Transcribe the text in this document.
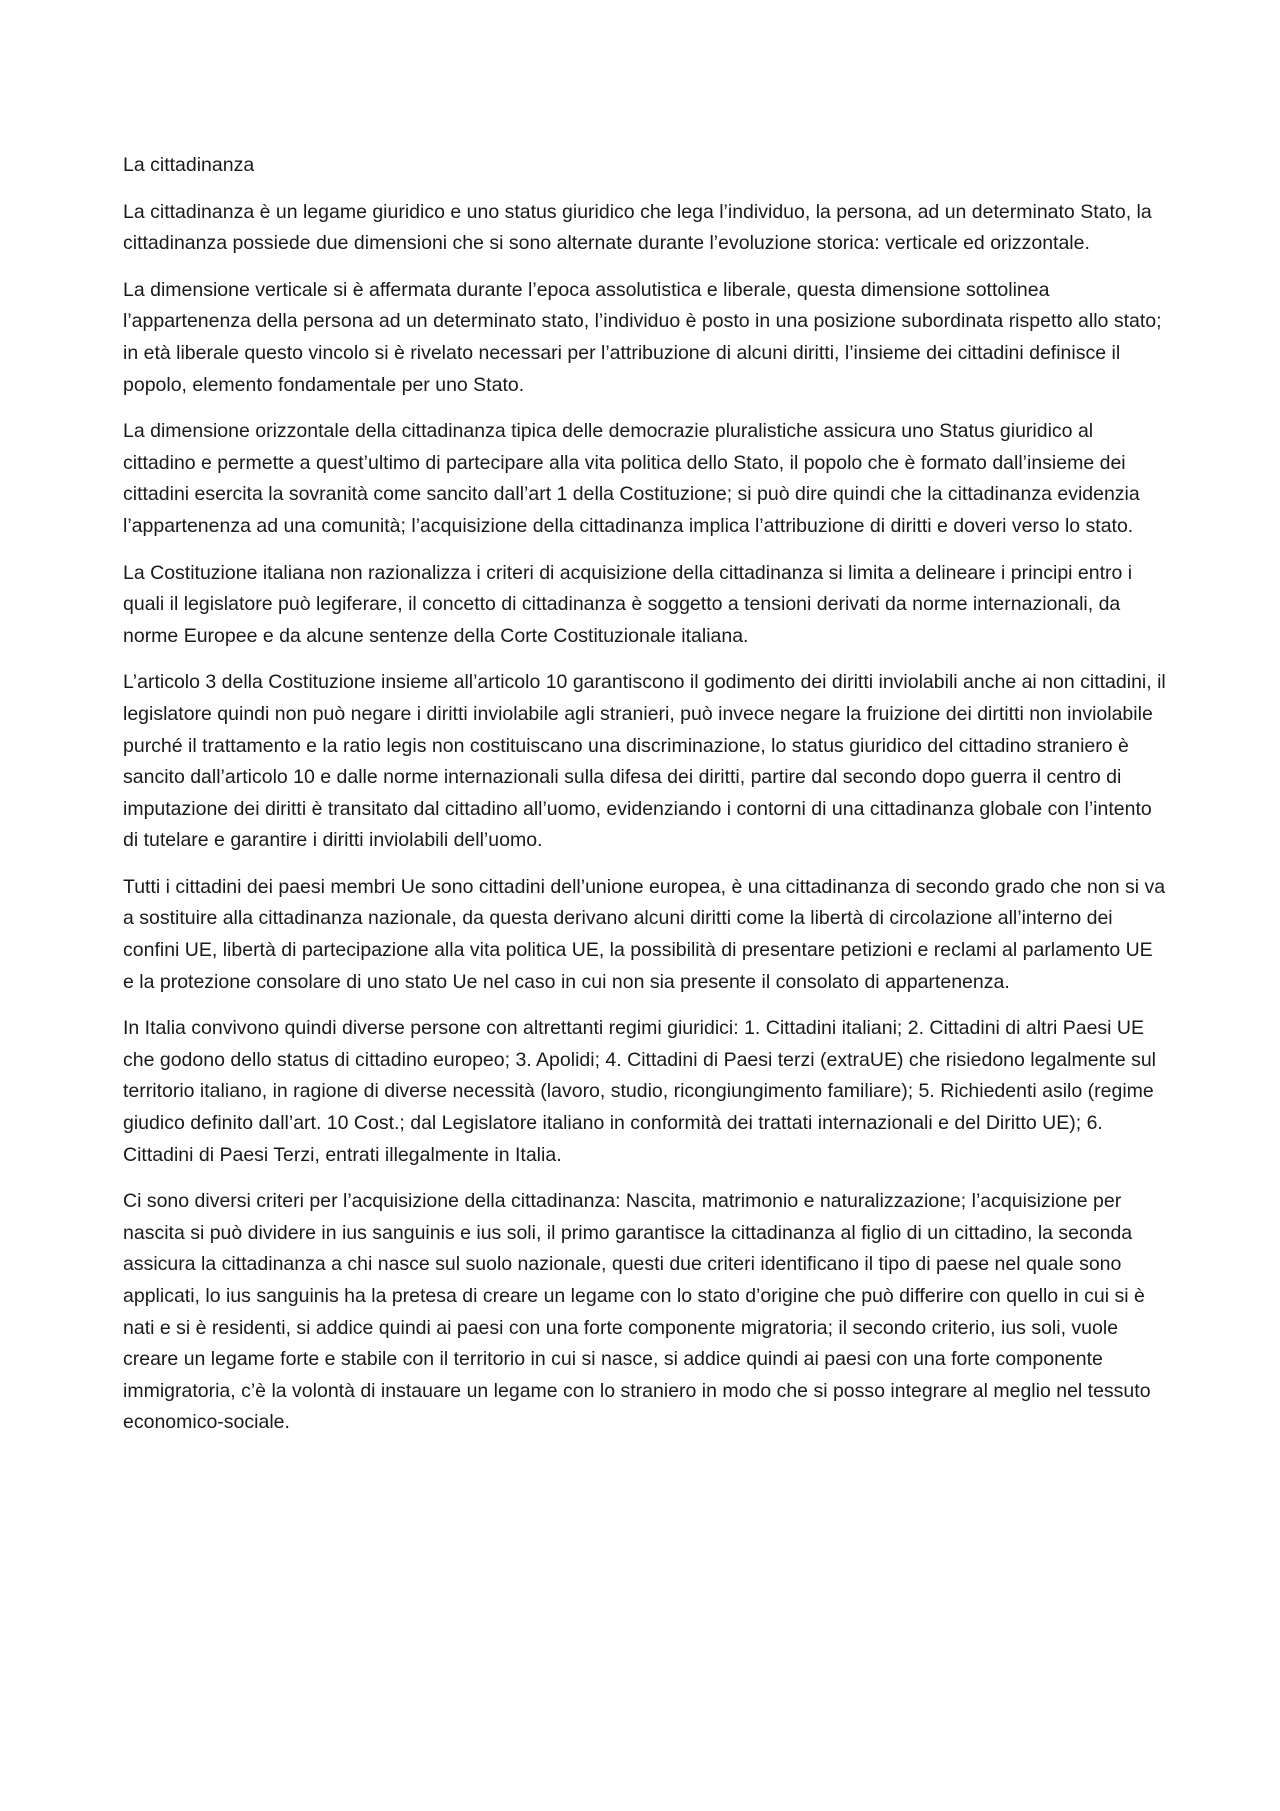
La cittadinanza

La cittadinanza è un legame giuridico e uno status giuridico che lega l’individuo, la persona, ad un determinato Stato, la cittadinanza possiede due dimensioni che si sono alternate durante l’evoluzione storica: verticale ed orizzontale.

La dimensione verticale si è affermata durante l’epoca assolutistica e liberale, questa dimensione sottolinea l’appartenenza della persona ad un determinato stato, l’individuo è posto in una posizione subordinata rispetto allo stato; in età liberale questo vincolo si è rivelato necessari per l’attribuzione di alcuni diritti, l’insieme dei cittadini definisce il popolo, elemento fondamentale per uno Stato.

La dimensione orizzontale della cittadinanza tipica delle democrazie pluralistiche assicura uno Status giuridico al cittadino e permette a quest’ultimo di partecipare alla vita politica dello Stato, il popolo che è formato dall’insieme dei cittadini esercita la sovranità come sancito dall’art 1 della Costituzione; si può dire quindi che la cittadinanza evidenzia l’appartenenza ad una comunità; l’acquisizione della cittadinanza implica l’attribuzione di diritti e doveri verso lo stato.

La Costituzione italiana non razionalizza i criteri di acquisizione della cittadinanza si limita a delineare i principi entro i quali il legislatore può legiferare, il concetto di cittadinanza è soggetto a tensioni derivati da norme internazionali, da norme Europee e da alcune sentenze della Corte Costituzionale italiana.

L’articolo 3 della Costituzione insieme all’articolo 10 garantiscono il godimento dei diritti inviolabili anche ai non cittadini, il legislatore quindi non può negare i diritti inviolabile agli stranieri, può invece negare la fruizione dei dirtitti non inviolabile purché il trattamento e la ratio legis non costituiscano una discriminazione, lo status giuridico del cittadino straniero è sancito dall’articolo 10 e dalle norme internazionali sulla difesa dei diritti, partire dal secondo dopo guerra il centro di imputazione dei diritti è transitato dal cittadino all’uomo, evidenziando i contorni di una cittadinanza globale con l’intento di tutelare e garantire i diritti inviolabili dell’uomo.

Tutti i cittadini dei paesi membri Ue sono cittadini dell’unione europea, è una cittadinanza di secondo grado che non si va a sostituire alla cittadinanza nazionale, da questa derivano alcuni diritti come la libertà di circolazione all’interno dei confini UE, libertà di partecipazione alla vita politica UE, la possibilità di presentare petizioni e reclami al parlamento UE e la protezione consolare di uno stato Ue nel caso in cui non sia presente il consolato di appartenenza.

In Italia convivono quindi diverse persone con altrettanti regimi giuridici: 1. Cittadini italiani; 2. Cittadini di altri Paesi UE che godono dello status di cittadino europeo; 3. Apolidi; 4. Cittadini di Paesi terzi (extraUE) che risiedono legalmente sul territorio italiano, in ragione di diverse necessità (lavoro, studio, ricongiungimento familiare); 5. Richiedenti asilo (regime giudico definito dall’art. 10 Cost.; dal Legislatore italiano in conformità dei trattati internazionali e del Diritto UE); 6. Cittadini di Paesi Terzi, entrati illegalmente in Italia.

Ci sono diversi criteri per l’acquisizione della cittadinanza: Nascita, matrimonio e naturalizzazione; l’acquisizione per nascita si può dividere in ius sanguinis e ius soli, il primo garantisce la cittadinanza al figlio di un cittadino, la seconda assicura la cittadinanza a chi nasce sul suolo nazionale, questi due criteri identificano il tipo di paese nel quale sono applicati, lo ius sanguinis ha la pretesa di creare un legame con lo stato d’origine che può differire con quello in cui si è nati e si è residenti, si addice quindi ai paesi con una forte componente migratoria; il secondo criterio, ius soli, vuole creare un legame forte e stabile con il territorio in cui si nasce, si addice quindi ai paesi con una forte componente immigratoria, c’è la volontà di instauare un legame con lo straniero in modo che si posso integrare al meglio nel tessuto economico-sociale.
